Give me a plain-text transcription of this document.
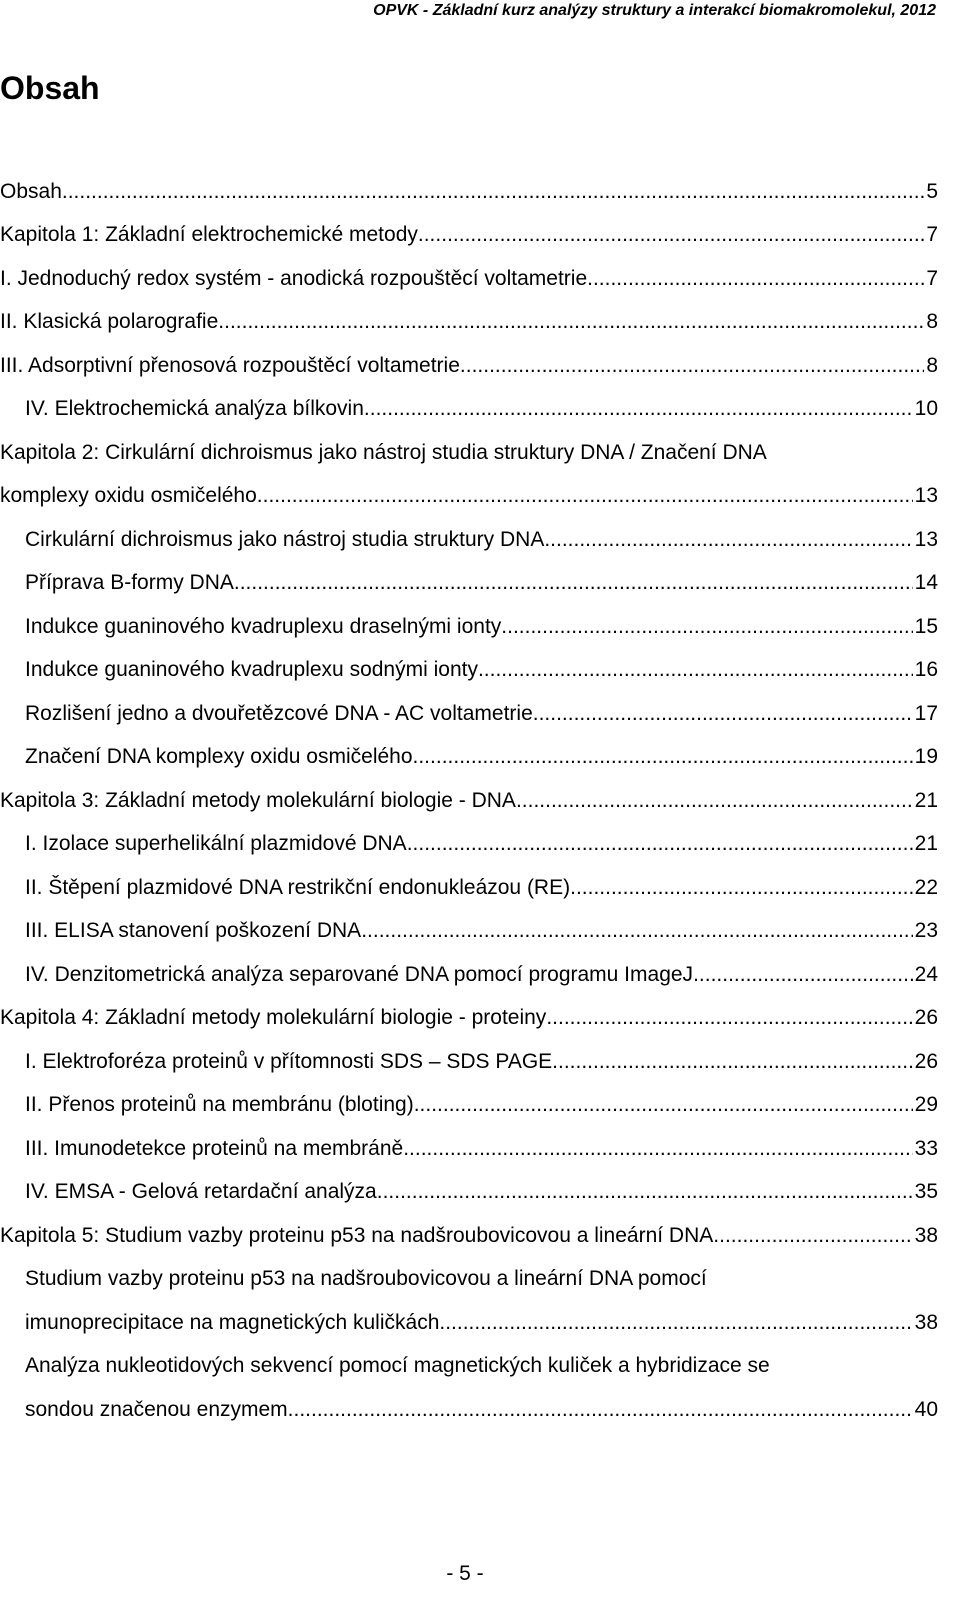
OPVK - Základní kurz analýzy struktury a interakcí biomakromolekul, 2012
Obsah
Obsah .....	5
Kapitola 1: Základní elektrochemické metody .....	7
I. Jednoduchý redox systém - anodická rozpouštěcí voltametrie .....	7
II. Klasická polarografie .....	8
III. Adsorptivní přenosová rozpouštěcí voltametrie .....	8
IV. Elektrochemická analýza bílkovin .....	10
Kapitola 2: Cirkulární dichroismus jako nástroj studia struktury DNA / Značení DNA
komplexy oxidu osmičelého .....	13
Cirkulární dichroismus jako nástroj studia struktury DNA .....	13
Příprava B-formy DNA .....	14
Indukce guaninového kvadruplexu draselnými ionty .....	15
Indukce guaninového kvadruplexu sodnými ionty .....	16
Rozlišení jedno a dvouřetězcové DNA - AC voltametrie .....	17
Značení DNA komplexy oxidu osmičelého .....	19
Kapitola 3: Základní metody molekulární biologie - DNA .....	21
I. Izolace superhelikální plazmidové DNA .....	21
II. Štěpení plazmidové DNA restrikční endonukleázou (RE) .....	22
III. ELISA stanovení poškození DNA .....	23
IV. Denzitometrická analýza separované DNA pomocí programu ImageJ .....	24
Kapitola 4: Základní metody molekulární biologie - proteiny .....	26
I. Elektroforéza proteinů v přítomnosti SDS – SDS PAGE .....	26
II. Přenos proteinů na membránu (bloting) .....	29
III. Imunodetekce proteinů na membráně .....	33
IV. EMSA - Gelová retardační analýza .....	35
Kapitola 5: Studium vazby proteinu p53 na nadšroubovicovou a lineární DNA .....	38
Studium vazby proteinu p53 na nadšroubovicovou a lineární DNA pomocí
imunoprecipitace na magnetických kuličkách .....	38
Analýza nukleotidových sekvencí pomocí magnetických kuliček a hybridizace se
sondou značenou enzymem .....	40
- 5 -
